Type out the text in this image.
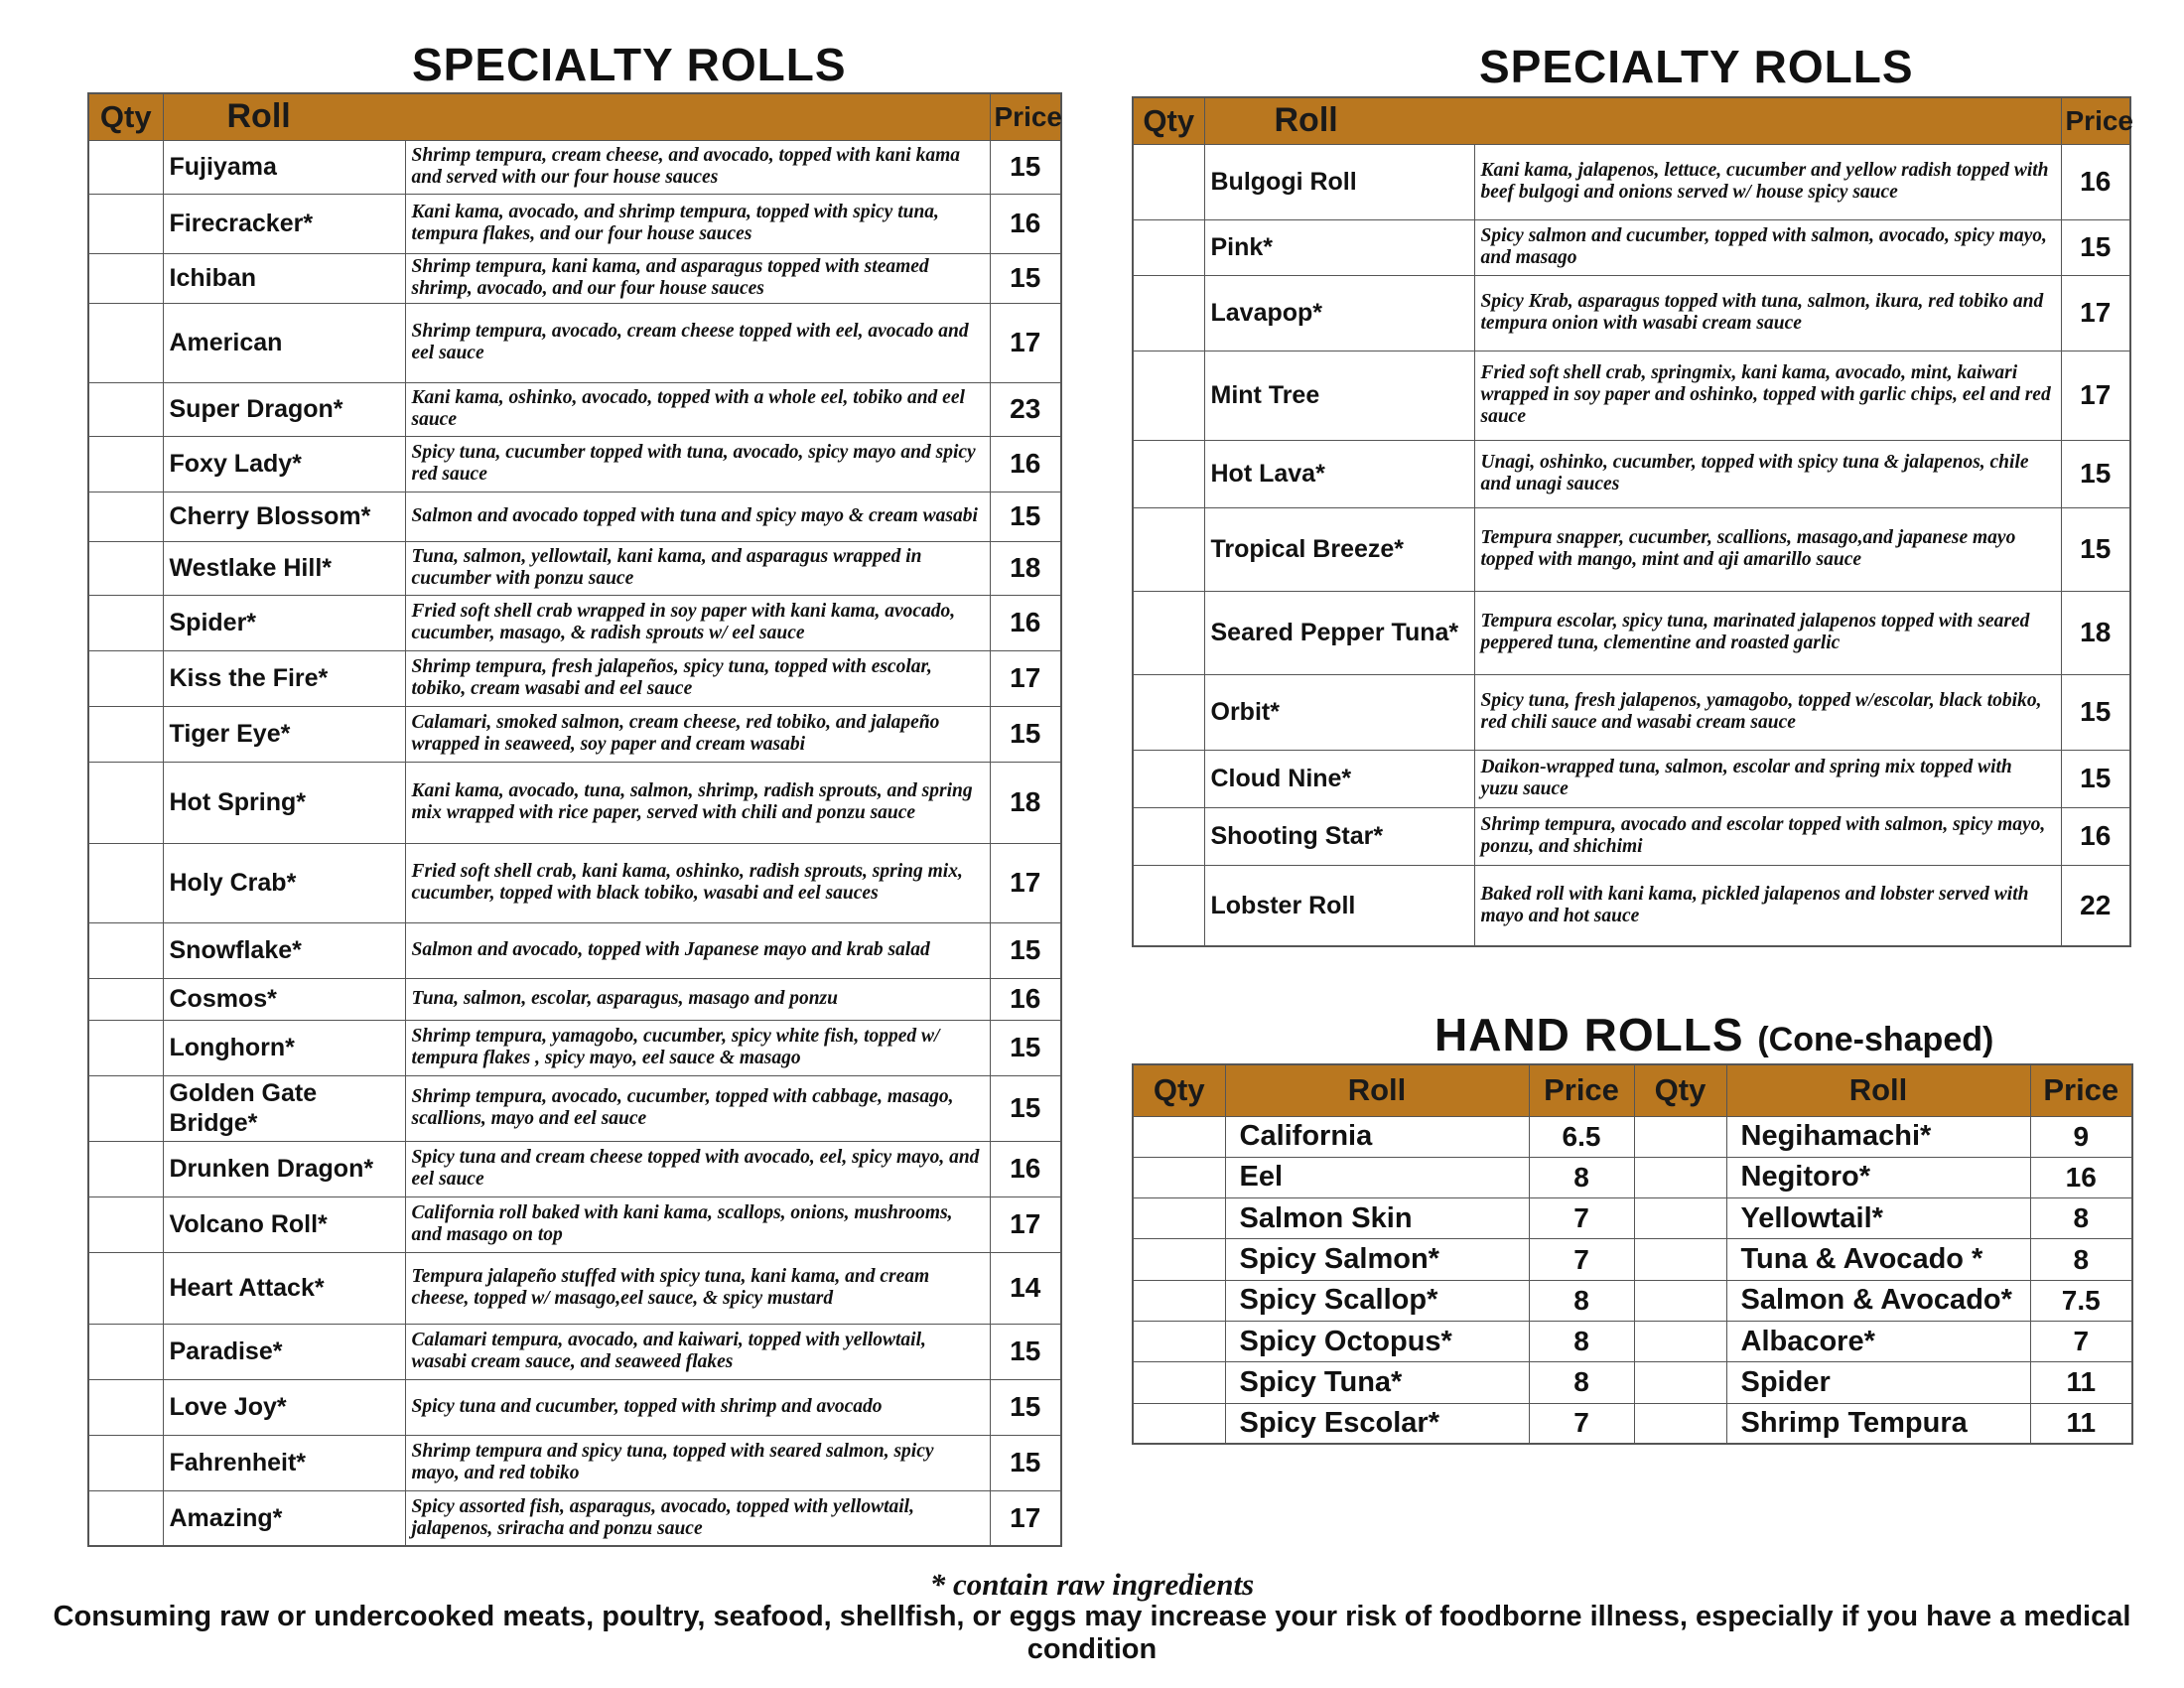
SPECIALTY ROLLS
Qty	Roll		Price
	Fujiyama	Shrimp tempura, cream cheese, and avocado, topped with kani kama and served with our four house sauces	15
	Firecracker*	Kani kama, avocado, and shrimp tempura, topped with spicy tuna, tempura flakes, and our four house sauces	16
	Ichiban	Shrimp tempura, kani kama, and asparagus topped with steamed shrimp, avocado, and our four house sauces	15
	American	Shrimp tempura, avocado, cream cheese topped with eel, avocado and eel sauce	17
	Super Dragon*	Kani kama, oshinko, avocado, topped with a whole eel, tobiko and eel sauce	23
	Foxy Lady*	Spicy tuna, cucumber topped with tuna, avocado, spicy mayo and spicy red sauce	16
	Cherry Blossom*	Salmon and avocado topped with tuna and spicy mayo & cream wasabi	15
	Westlake Hill*	Tuna, salmon, yellowtail, kani kama, and asparagus wrapped in cucumber with ponzu sauce	18
	Spider*	Fried soft shell crab wrapped in soy paper with kani kama, avocado, cucumber, masago, & radish sprouts w/ eel sauce	16
	Kiss the Fire*	Shrimp tempura, fresh jalapeños, spicy tuna, topped with escolar, tobiko, cream wasabi and eel sauce	17
	Tiger Eye*	Calamari, smoked salmon, cream cheese, red tobiko, and jalapeño wrapped in seaweed, soy paper and cream wasabi	15
	Hot Spring*	Kani kama, avocado, tuna, salmon, shrimp, radish sprouts, and spring mix wrapped with rice paper, served with chili and ponzu sauce	18
	Holy Crab*	Fried soft shell crab, kani kama, oshinko, radish sprouts, spring mix, cucumber, topped with black tobiko, wasabi and eel sauces	17
	Snowflake*	Salmon and avocado, topped with Japanese mayo and krab salad	15
	Cosmos*	Tuna, salmon, escolar, asparagus, masago and ponzu	16
	Longhorn*	Shrimp tempura, yamagobo, cucumber, spicy white fish, topped w/ tempura flakes , spicy mayo, eel sauce & masago	15
	Golden Gate Bridge*	Shrimp tempura, avocado, cucumber, topped with cabbage, masago, scallions, mayo and eel sauce	15
	Drunken Dragon*	Spicy tuna and cream cheese topped with avocado, eel, spicy mayo, and eel sauce	16
	Volcano Roll*	California roll baked with kani kama, scallops, onions, mushrooms, and masago on top	17
	Heart Attack*	Tempura jalapeño stuffed with spicy tuna, kani kama, and cream cheese, topped w/ masago,eel sauce, & spicy mustard	14
	Paradise*	Calamari tempura, avocado, and kaiwari, topped with yellowtail, wasabi cream sauce, and seaweed flakes	15
	Love Joy*	Spicy tuna and cucumber, topped with shrimp and avocado	15
	Fahrenheit*	Shrimp tempura and spicy tuna, topped with seared salmon, spicy mayo, and red tobiko	15
	Amazing*	Spicy assorted fish, asparagus, avocado, topped with yellowtail, jalapenos, sriracha and ponzu sauce	17
SPECIALTY ROLLS
Qty	Roll		Price
	Bulgogi Roll	Kani kama, jalapenos, lettuce, cucumber and yellow radish topped with beef bulgogi and onions served w/ house spicy sauce	16
	Pink*	Spicy salmon and cucumber, topped with salmon, avocado, spicy mayo, and masago	15
	Lavapop*	Spicy Krab, asparagus topped with tuna, salmon, ikura, red tobiko and tempura onion with wasabi cream sauce	17
	Mint Tree	Fried soft shell crab, springmix, kani kama, avocado, mint, kaiwari wrapped in soy paper and oshinko, topped with garlic chips, eel and red sauce	17
	Hot Lava*	Unagi, oshinko, cucumber, topped with spicy tuna & jalapenos, chile and unagi sauces	15
	Tropical Breeze*	Tempura snapper, cucumber, scallions, masago,and japanese mayo topped with mango, mint and aji amarillo sauce	15
	Seared Pepper Tuna*	Tempura escolar, spicy tuna, marinated jalapenos topped with seared peppered tuna, clementine and roasted garlic	18
	Orbit*	Spicy tuna, fresh jalapenos, yamagobo, topped w/escolar, black tobiko, red chili sauce and wasabi cream sauce	15
	Cloud Nine*	Daikon-wrapped tuna, salmon, escolar and spring mix topped with yuzu sauce	15
	Shooting Star*	Shrimp tempura, avocado and escolar topped with salmon, spicy mayo, ponzu, and shichimi	16
	Lobster Roll	Baked roll with kani kama, pickled jalapenos and lobster served with mayo and hot sauce	22
HAND ROLLS (Cone-shaped)
Qty	Roll	Price	Qty	Roll	Price
	California	6.5		Negihamachi*	9
	Eel	8		Negitoro*	16
	Salmon Skin	7		Yellowtail*	8
	Spicy Salmon*	7		Tuna & Avocado *	8
	Spicy Scallop*	8		Salmon & Avocado*	7.5
	Spicy Octopus*	8		Albacore*	7
	Spicy Tuna*	8		Spider	11
	Spicy Escolar*	7		Shrimp Tempura	11
* contain raw ingredients
Consuming raw or undercooked meats, poultry, seafood, shellfish, or eggs may increase your risk of foodborne illness, especially if you have a medical condition
